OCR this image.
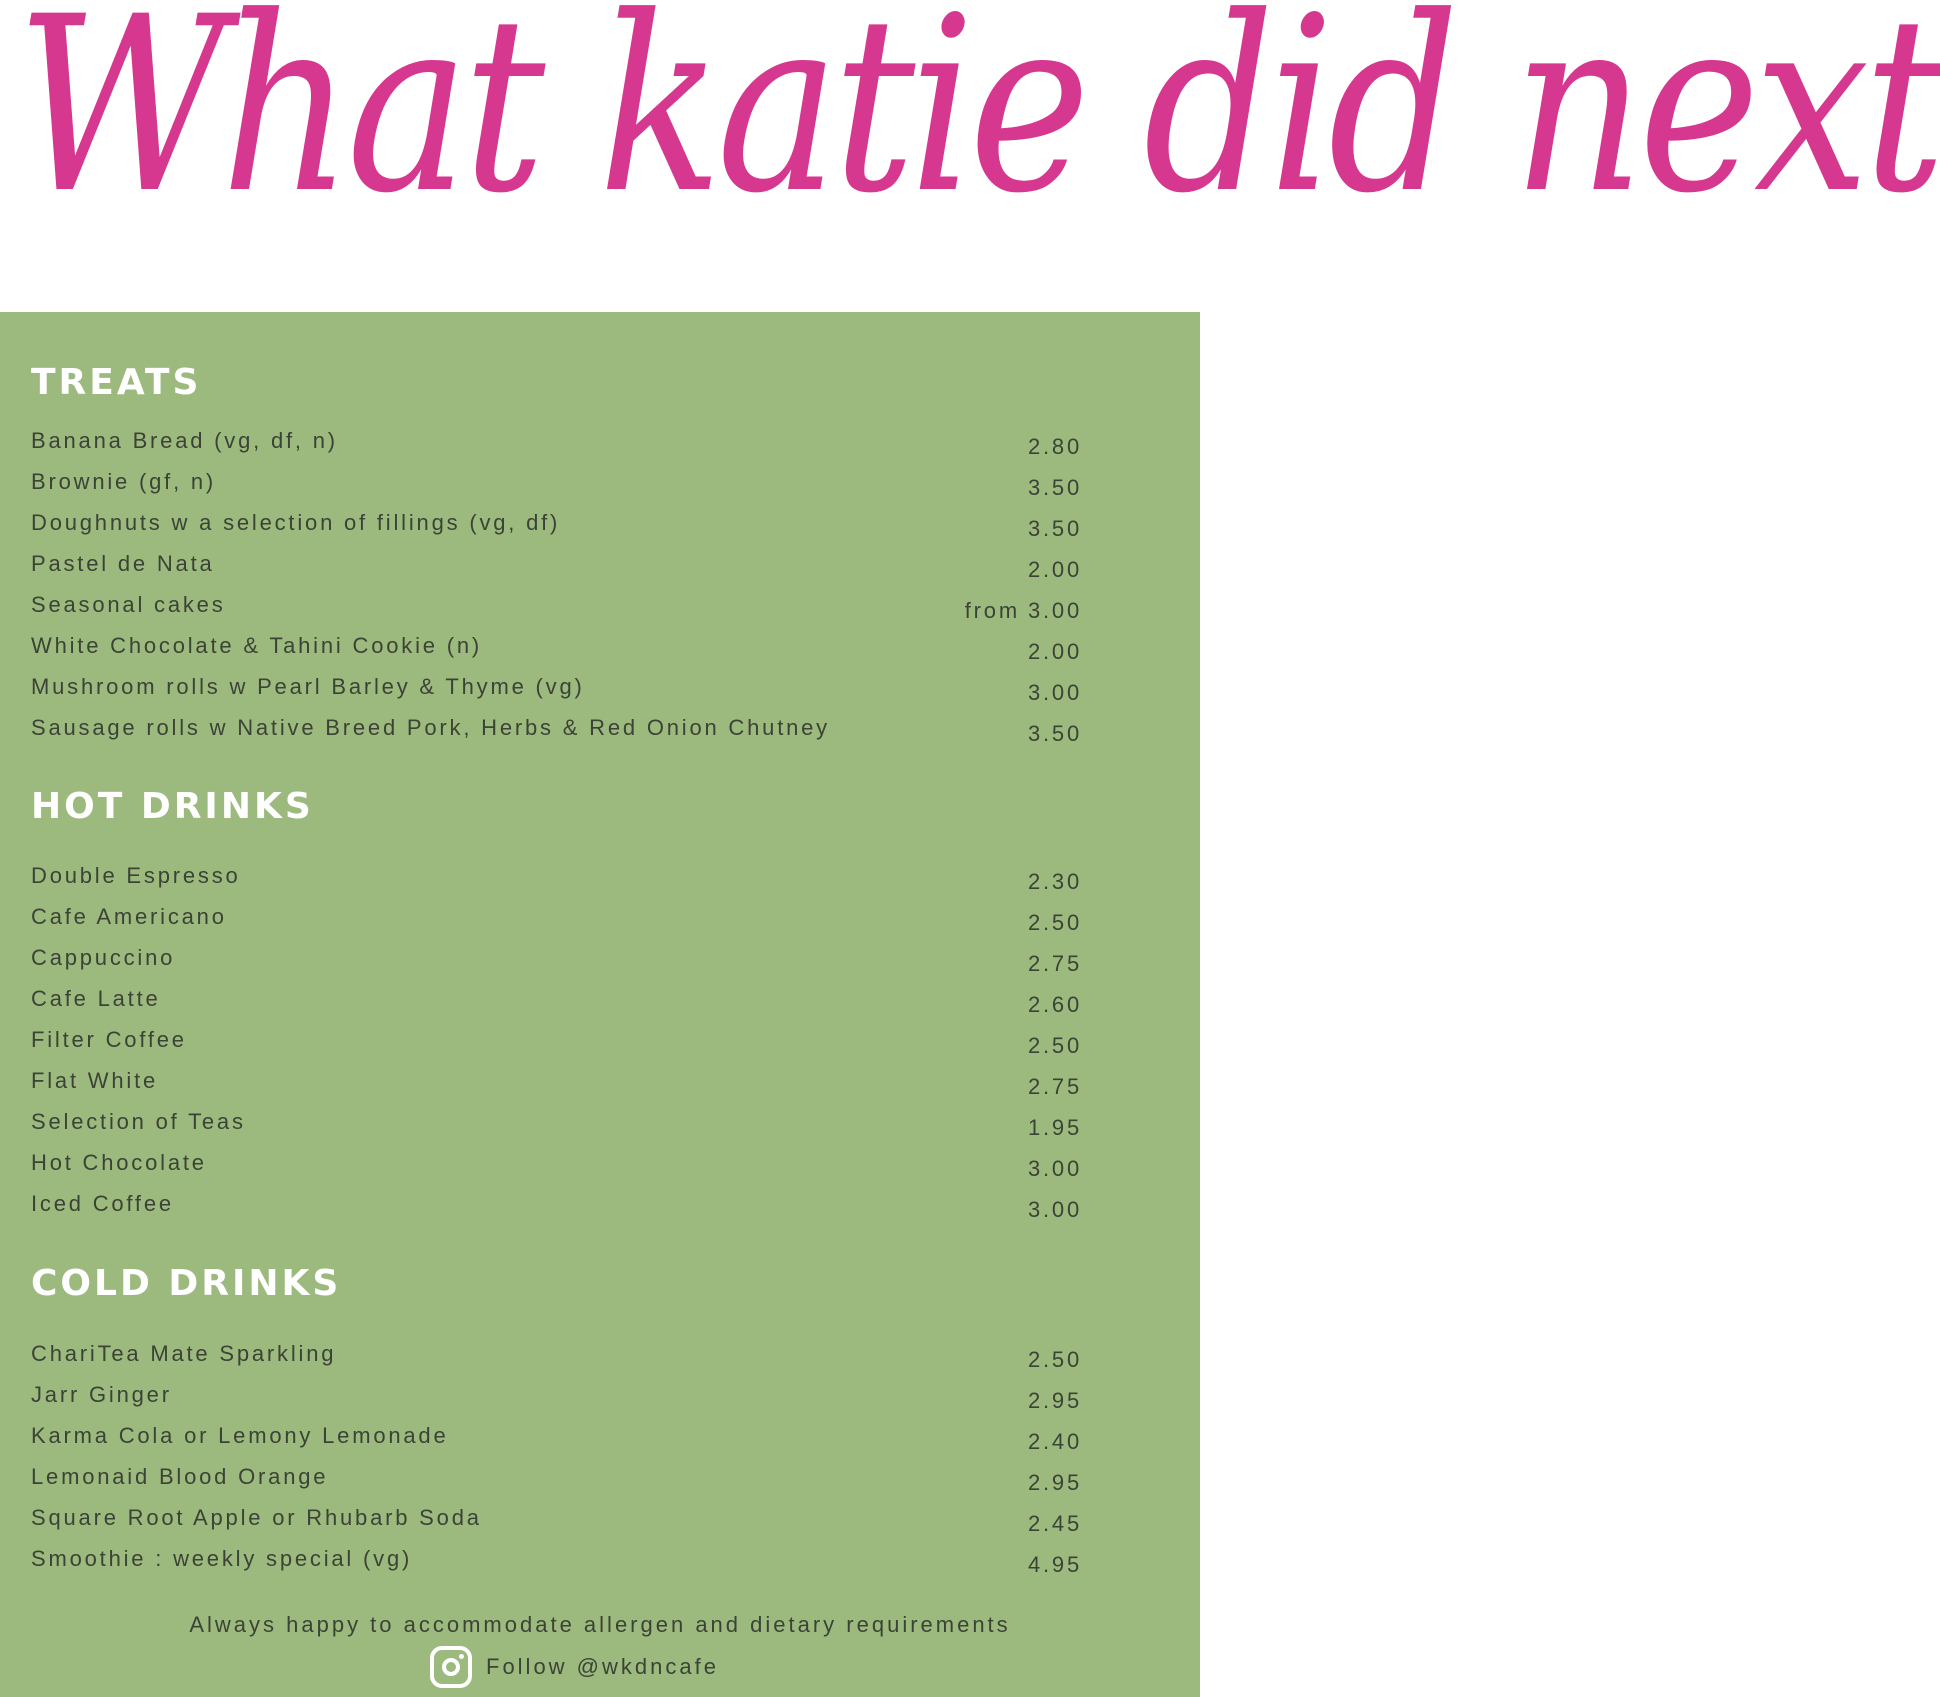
What katie did next
TREATS
Banana Bread (vg, df, n)	2.80
Brownie (gf, n)	3.50
Doughnuts w a selection of fillings (vg, df)	3.50
Pastel de Nata	2.00
Seasonal cakes	from 3.00
White Chocolate & Tahini Cookie (n)	2.00
Mushroom rolls w Pearl Barley & Thyme (vg)	3.00
Sausage rolls w Native Breed Pork, Herbs & Red Onion Chutney	3.50
HOT DRINKS
Double Espresso	2.30
Cafe Americano	2.50
Cappuccino	2.75
Cafe Latte	2.60
Filter Coffee	2.50
Flat White	2.75
Selection of Teas	1.95
Hot Chocolate	3.00
Iced Coffee	3.00
COLD DRINKS
ChariTea Mate Sparkling	2.50
Jarr Ginger	2.95
Karma Cola or Lemony Lemonade	2.40
Lemonaid Blood Orange	2.95
Square Root Apple or Rhubarb Soda	2.45
Smoothie : weekly special (vg)	4.95
Always happy to accommodate allergen and dietary requirements
Follow @wkdncafe
